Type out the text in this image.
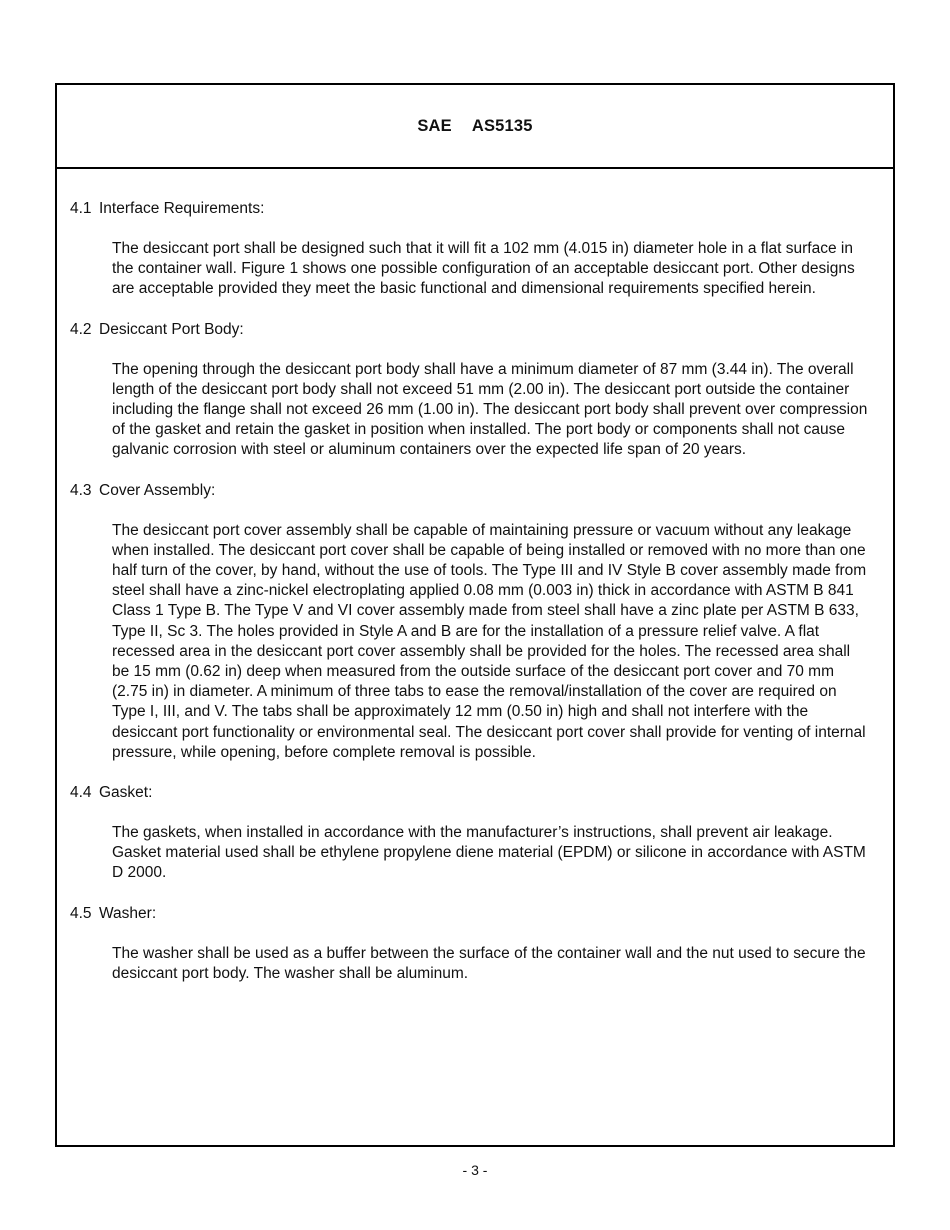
SAE AS5135
4.1 Interface Requirements:
The desiccant port shall be designed such that it will fit a 102 mm (4.015 in) diameter hole in a flat surface in the container wall. Figure 1 shows one possible configuration of an acceptable desiccant port. Other designs are acceptable provided they meet the basic functional and dimensional requirements specified herein.
4.2 Desiccant Port Body:
The opening through the desiccant port body shall have a minimum diameter of 87 mm (3.44 in). The overall length of the desiccant port body shall not exceed 51 mm (2.00 in). The desiccant port outside the container including the flange shall not exceed 26 mm (1.00 in). The desiccant port body shall prevent over compression of the gasket and retain the gasket in position when installed. The port body or components shall not cause galvanic corrosion with steel or aluminum containers over the expected life span of 20 years.
4.3 Cover Assembly:
The desiccant port cover assembly shall be capable of maintaining pressure or vacuum without any leakage when installed. The desiccant port cover shall be capable of being installed or removed with no more than one half turn of the cover, by hand, without the use of tools. The Type III and IV Style B cover assembly made from steel shall have a zinc-nickel electroplating applied 0.08 mm (0.003 in) thick in accordance with ASTM B 841 Class 1 Type B. The Type V and VI cover assembly made from steel shall have a zinc plate per ASTM B 633, Type II, Sc 3. The holes provided in Style A and B are for the installation of a pressure relief valve. A flat recessed area in the desiccant port cover assembly shall be provided for the holes. The recessed area shall be 15 mm (0.62 in) deep when measured from the outside surface of the desiccant port cover and 70 mm (2.75 in) in diameter. A minimum of three tabs to ease the removal/installation of the cover are required on Type I, III, and V. The tabs shall be approximately 12 mm (0.50 in) high and shall not interfere with the desiccant port functionality or environmental seal. The desiccant port cover shall provide for venting of internal pressure, while opening, before complete removal is possible.
4.4 Gasket:
The gaskets, when installed in accordance with the manufacturer’s instructions, shall prevent air leakage. Gasket material used shall be ethylene propylene diene material (EPDM) or silicone in accordance with ASTM D 2000.
4.5 Washer:
The washer shall be used as a buffer between the surface of the container wall and the nut used to secure the desiccant port body. The washer shall be aluminum.
- 3 -
